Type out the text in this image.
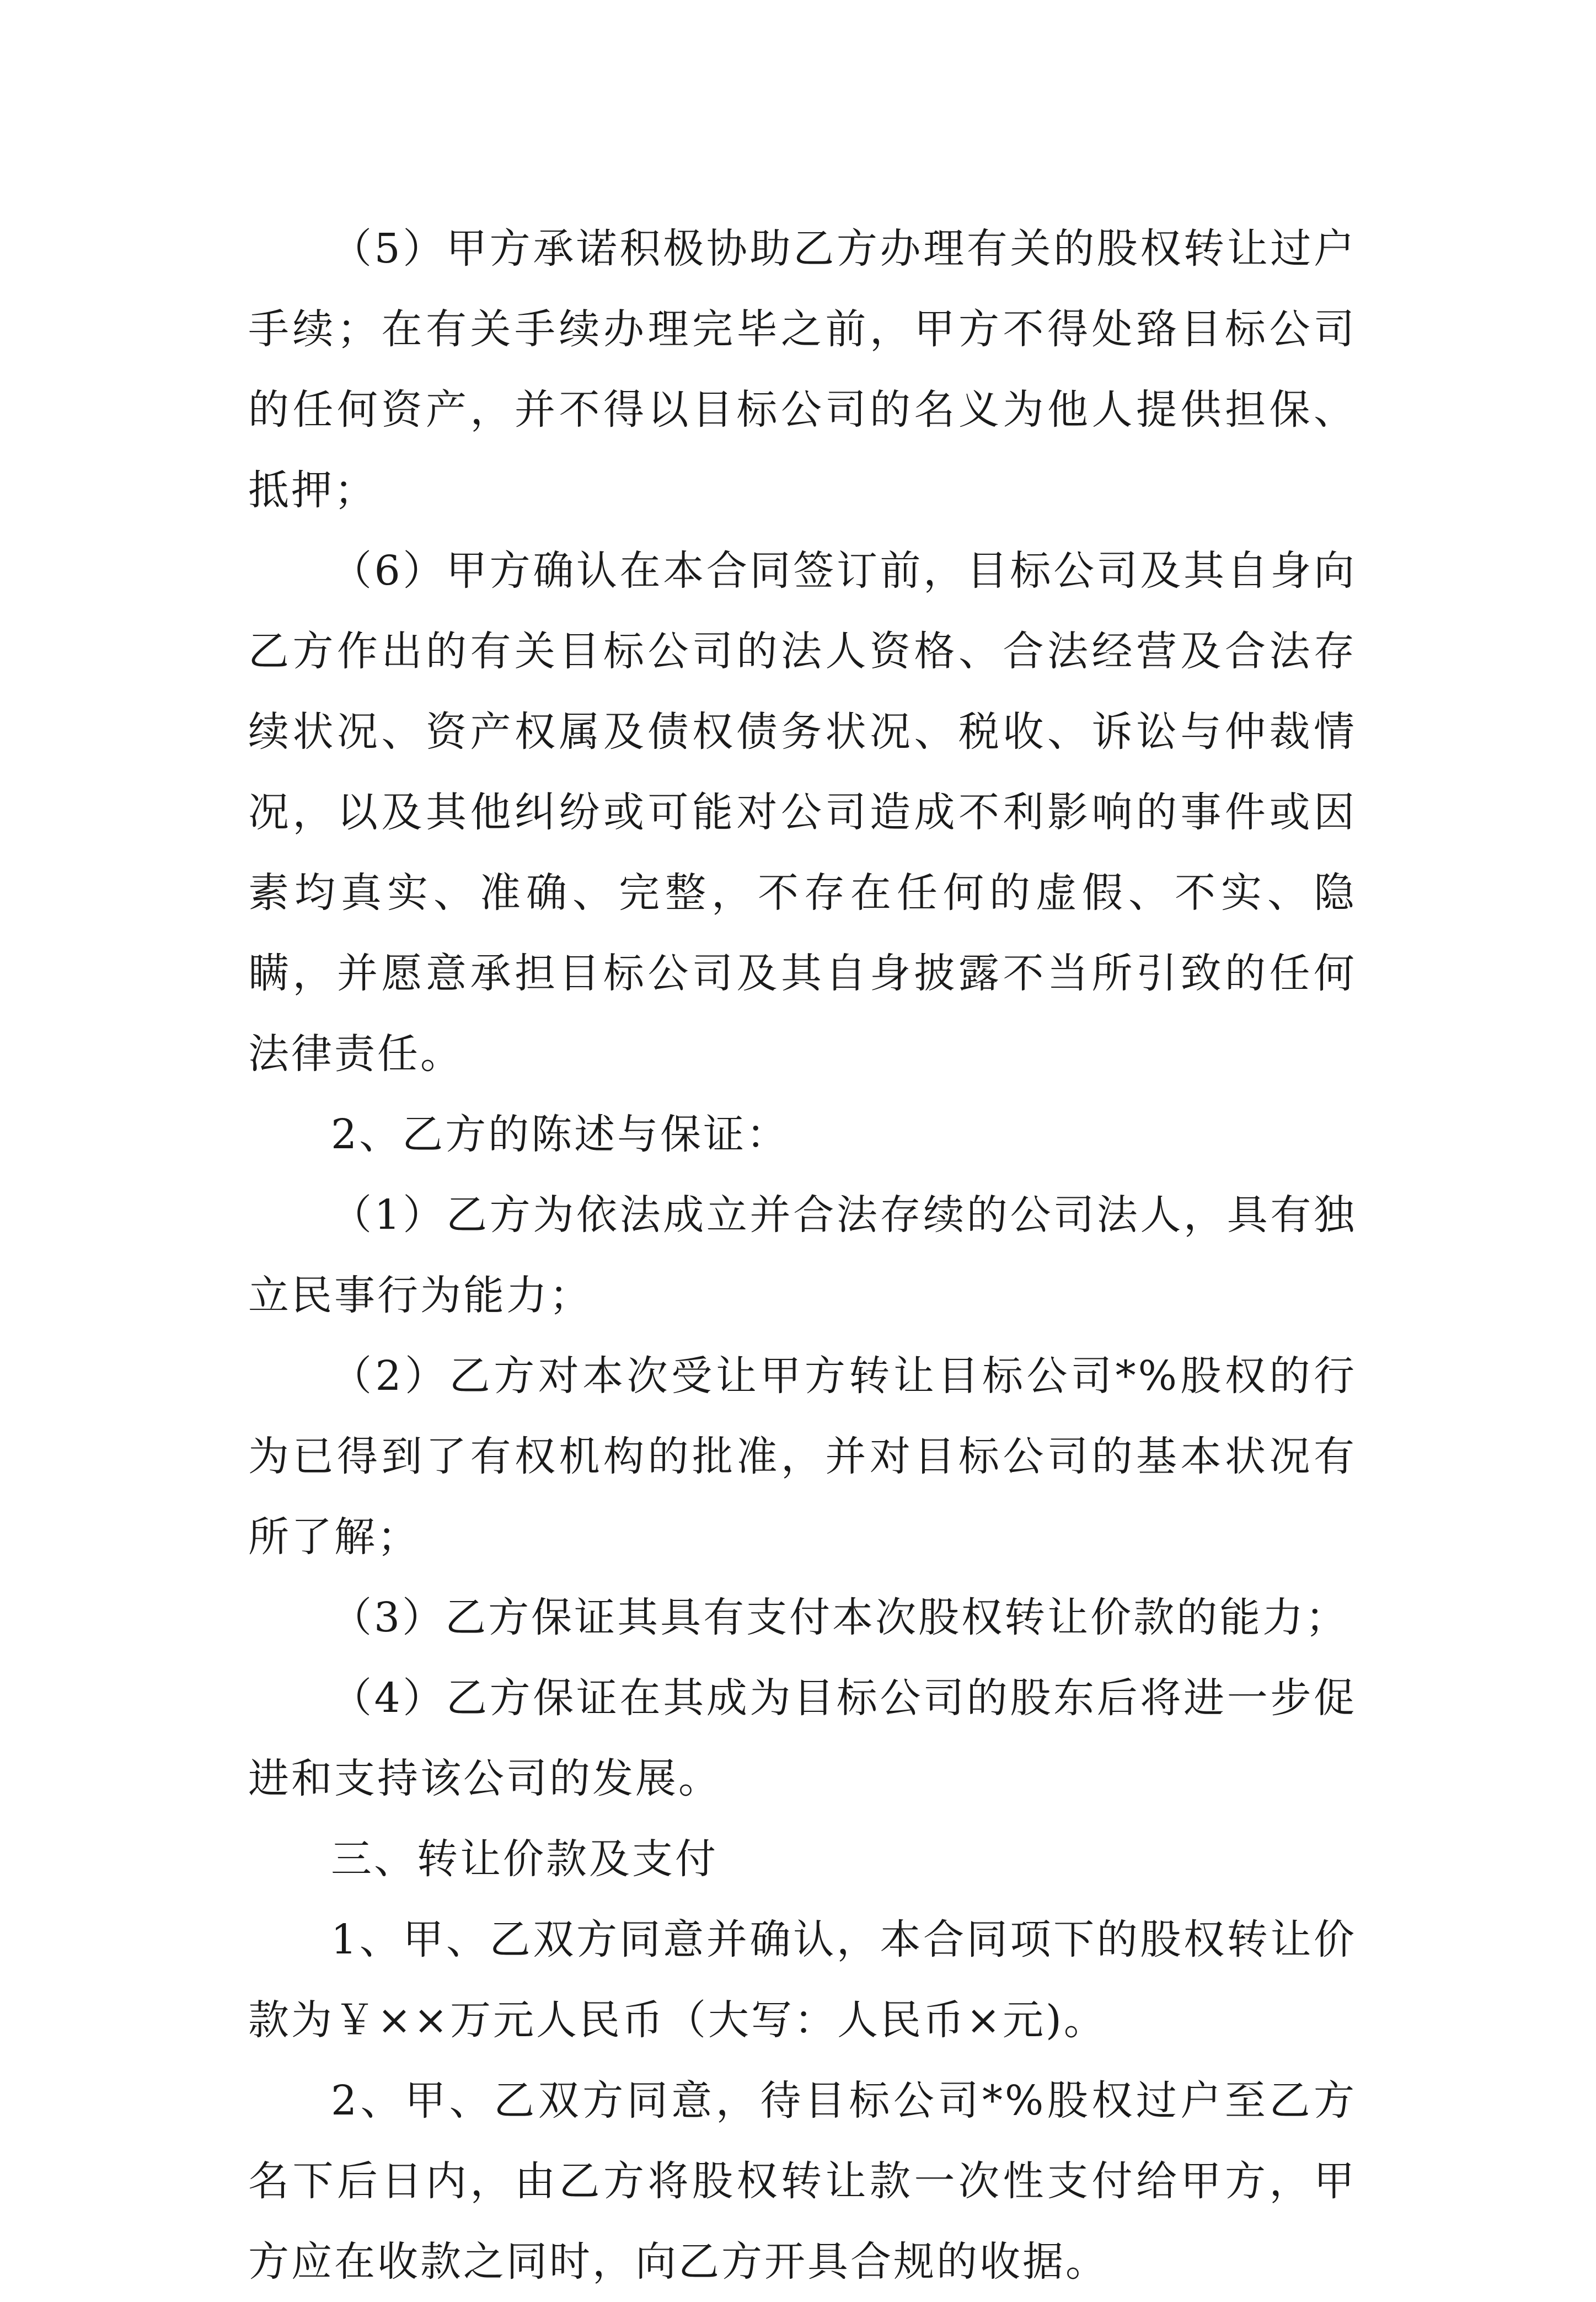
（5）甲方承诺积极协助乙方办理有关的股权转让过户手续；在有关手续办理完毕之前，甲方不得处臵目标公司的任何资产，并不得以目标公司的名义为他人提供担保、抵押；

（6）甲方确认在本合同签订前，目标公司及其自身向乙方作出的有关目标公司的法人资格、合法经营及合法存续状况、资产权属及债权债务状况、税收、诉讼与仲裁情况，以及其他纠纷或可能对公司造成不利影响的事件或因素均真实、准确、完整，不存在任何的虚假、不实、隐瞒，并愿意承担目标公司及其自身披露不当所引致的任何法律责任。

2、乙方的陈述与保证：

（1）乙方为依法成立并合法存续的公司法人，具有独立民事行为能力；

（2）乙方对本次受让甲方转让目标公司*%股权的行为已得到了有权机构的批准，并对目标公司的基本状况有所了解；

（3）乙方保证其具有支付本次股权转让价款的能力；

（4）乙方保证在其成为目标公司的股东后将进一步促进和支持该公司的发展。

三、转让价款及支付

1、甲、乙双方同意并确认，本合同项下的股权转让价款为￥××万元人民币（大写：人民币×元)。

2、甲、乙双方同意，待目标公司*%股权过户至乙方名下后日内，由乙方将股权转让款一次性支付给甲方，甲方应在收款之同时，向乙方开具合规的收据。
